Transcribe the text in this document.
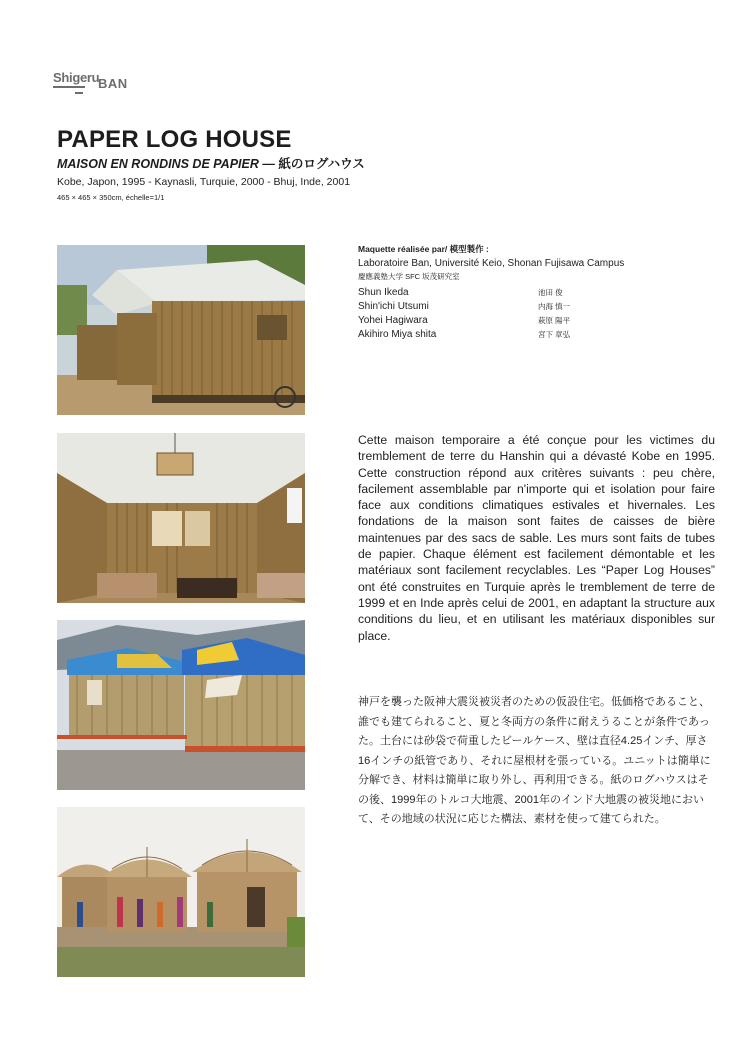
Shigeru
BAN
PAPER LOG HOUSE
MAISON EN RONDINS DE PAPIER — 紙のログハウス
Kobe, Japon, 1995 - Kaynasli, Turquie, 2000 - Bhuj, Inde, 2001
465 × 465 × 350cm, échelle=1/1
Maquette réalisée par/ 模型製作 :
Laboratoire Ban, Université Keio, Shonan Fujisawa Campus
慶應義塾大学 SFC 坂茂研究室
Shun Ikeda	池田 俊
Shin'ichi Utsumi	内海 慎一
Yohei Hagiwara	萩原 陽平
Akihiro Miya shita	宮下 章弘
Cette maison temporaire a été conçue pour les victimes du tremblement de terre du Hanshin qui a dévasté Kobe en 1995. Cette construction répond aux critères suivants : peu chère, facilement assemblable par n'importe qui et isolation pour faire face aux conditions climatiques estivales et hivernales. Les fondations de la maison sont faites de caisses de bière maintenues par des sacs de sable. Les murs sont faits de tubes de papier. Chaque élément est facilement démontable et les matériaux sont facilement recyclables. Les “Paper Log Houses” ont été construites en Turquie après le tremblement de terre de 1999 et en Inde après celui de 2001, en adaptant la structure aux conditions du lieu, et en utilisant les matériaux disponibles sur place.
神戸を襲った阪神大震災被災者のための仮設住宅。低価格であること、誰でも建てられること、夏と冬両方の条件に耐えうることが条件であった。土台には砂袋で荷重したビールケース、壁は直径4.25インチ、厚さ16インチの紙管であり、それに屋根材を張っている。ユニットは簡単に分解でき、材料は簡単に取り外し、再利用できる。紙のログハウスはその後、1999年のトルコ大地震、2001年のインド大地震の被災地において、その地域の状況に応じた構法、素材を使って建てられた。
